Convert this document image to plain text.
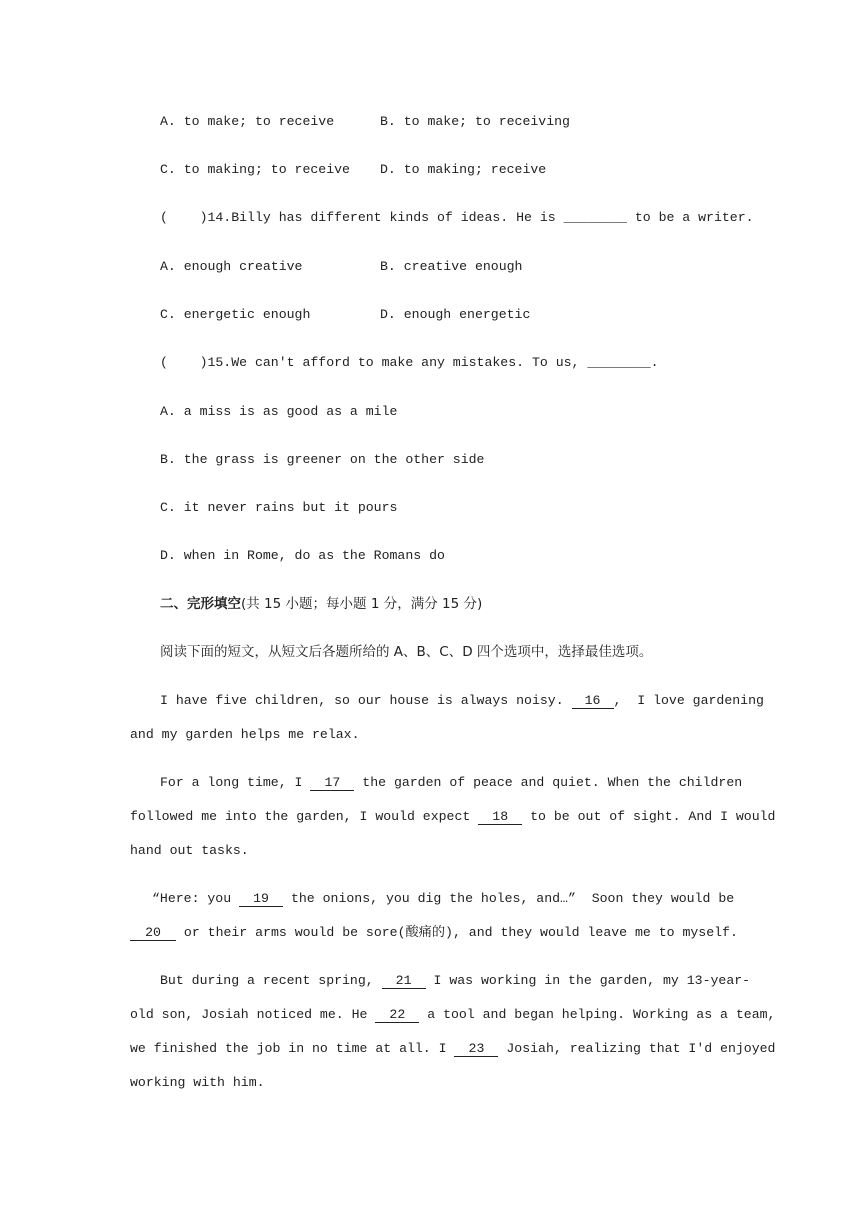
A. to make; to receive	B. to make; to receiving
C. to making; to receive D. to making; receive
(    )14.Billy has different kinds of ideas. He is ________ to be a writer.
A. enough creative	B. creative enough
C. energetic enough	D. enough energetic
(    )15.We can't afford to make any mistakes. To us, ________.
A. a miss is as good as a mile
B. the grass is greener on the other side
C. it never rains but it pours
D. when in Rome, do as the Romans do
二、完形填空(共 15 小题；每小题 1 分，满分 15 分)
阅读下面的短文，从短文后各题所给的 A、B、C、D 四个选项中，选择最佳选项。
I have five children, so our house is always noisy. 16 ,  I love gardening
and my garden helps me relax.
For a long time, I 17 the garden of peace and quiet. When the children
followed me into the garden, I would expect 18 to be out of sight. And I would
hand out tasks.
“Here: you 19 the onions, you dig the holes, and…”  Soon they would be
20 or their arms would be sore(酸痛的), and they would leave me to myself.
But during a recent spring, 21 I was working in the garden, my 13-year-
old son, Josiah noticed me. He 22 a tool and began helping. Working as a team,
we finished the job in no time at all. I 23 Josiah, realizing that I'd enjoyed
working with him.
